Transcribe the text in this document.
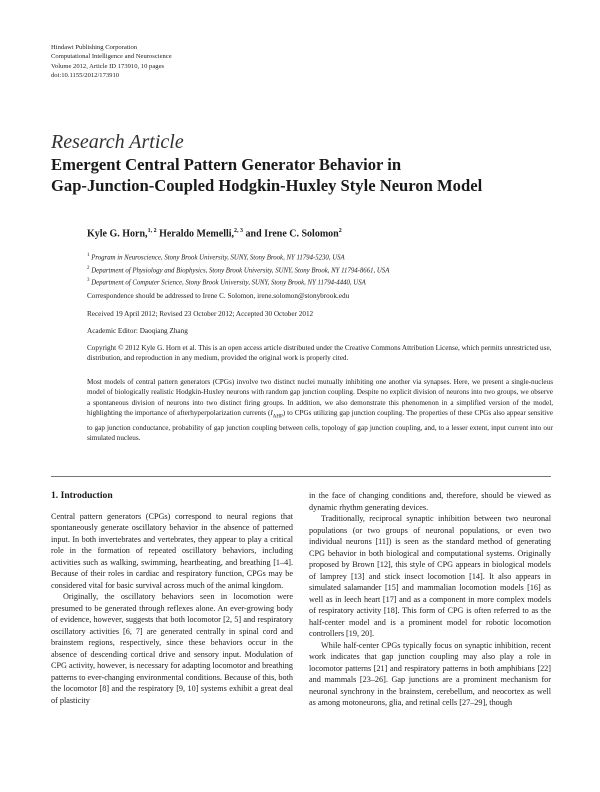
Hindawi Publishing Corporation
Computational Intelligence and Neuroscience
Volume 2012, Article ID 173910, 10 pages
doi:10.1155/2012/173910
Research Article
Emergent Central Pattern Generator Behavior in
Gap-Junction-Coupled Hodgkin-Huxley Style Neuron Model
Kyle G. Horn,$^{1, 2}$ Heraldo Memelli,$^{2, 3}$ and Irene C. Solomon$^2$
$^1$ Program in Neuroscience, Stony Brook University, SUNY, Stony Brook, NY 11794-5230, USA
$^2$ Department of Physiology and Biophysics, Stony Brook University, SUNY, Stony Brook, NY 11794-8661, USA
$^3$ Department of Computer Science, Stony Brook University, SUNY, Stony Brook, NY 11794-4440, USA
Correspondence should be addressed to Irene C. Solomon, irene.solomon@stonybrook.edu
Received 19 April 2012; Revised 23 October 2012; Accepted 30 October 2012
Academic Editor: Daoqiang Zhang
Copyright © 2012 Kyle G. Horn et al. This is an open access article distributed under the Creative Commons Attribution License, which permits unrestricted use, distribution, and reproduction in any medium, provided the original work is properly cited.
Most models of central pattern generators (CPGs) involve two distinct nuclei mutually inhibiting one another via synapses. Here, we present a single-nucleus model of biologically realistic Hodgkin-Huxley neurons with random gap junction coupling. Despite no explicit division of neurons into two groups, we observe a spontaneous division of neurons into two distinct firing groups. In addition, we also demonstrate this phenomenon in a simplified version of the model, highlighting the importance of afterhyperpolarization currents $(I_{AHP})$ to CPGs utilizing gap junction coupling. The properties of these CPGs also appear sensitive to gap junction conductance, probability of gap junction coupling between cells, topology of gap junction coupling, and, to a lesser extent, input current into our simulated nucleus.
1. Introduction

Central pattern generators (CPGs) correspond to neural regions that spontaneously generate oscillatory behavior in the absence of patterned input. In both invertebrates and vertebrates, they appear to play a critical role in the formation of repeated oscillatory behaviors, including activities such as walking, swimming, heartbeating, and breathing [1–4]. Because of their roles in cardiac and respiratory function, CPGs may be considered vital for basic survival across much of the animal kingdom.

Originally, the oscillatory behaviors seen in locomotion were presumed to be generated through reflexes alone. An ever-growing body of evidence, however, suggests that both locomotor [2, 5] and respiratory oscillatory activities [6, 7] are generated centrally in spinal cord and brainstem regions, respectively, since these behaviors occur in the absence of descending cortical drive and sensory input. Modulation of CPG activity, however, is necessary for adapting locomotor and breathing patterns to ever-changing environmental conditions. Because of this, both the locomotor [8] and the respiratory [9, 10] systems exhibit a great deal of plasticity

in the face of changing conditions and, therefore, should be viewed as dynamic rhythm generating devices.

Traditionally, reciprocal synaptic inhibition between two neuronal populations (or two groups of neuronal populations, or even two individual neurons [11]) is seen as the standard method of generating CPG behavior in both biological and computational systems. Originally proposed by Brown [12], this style of CPG appears in biological models of lamprey [13] and stick insect locomotion [14]. It also appears in simulated salamander [15] and mammalian locomotion models [16] as well as in leech heart [17] and as a component in more complex models of respiratory activity [18]. This form of CPG is often referred to as the half-center model and is a prominent model for robotic locomotion controllers [19, 20].

While half-center CPGs typically focus on synaptic inhibition, recent work indicates that gap junction coupling may also play a role in locomotor patterns [21] and respiratory patterns in both amphibians [22] and mammals [23–26]. Gap junctions are a prominent mechanism for neuronal synchrony in the brainstem, cerebellum, and neocortex as well as among motoneurons, glia, and retinal cells [27–29], though
